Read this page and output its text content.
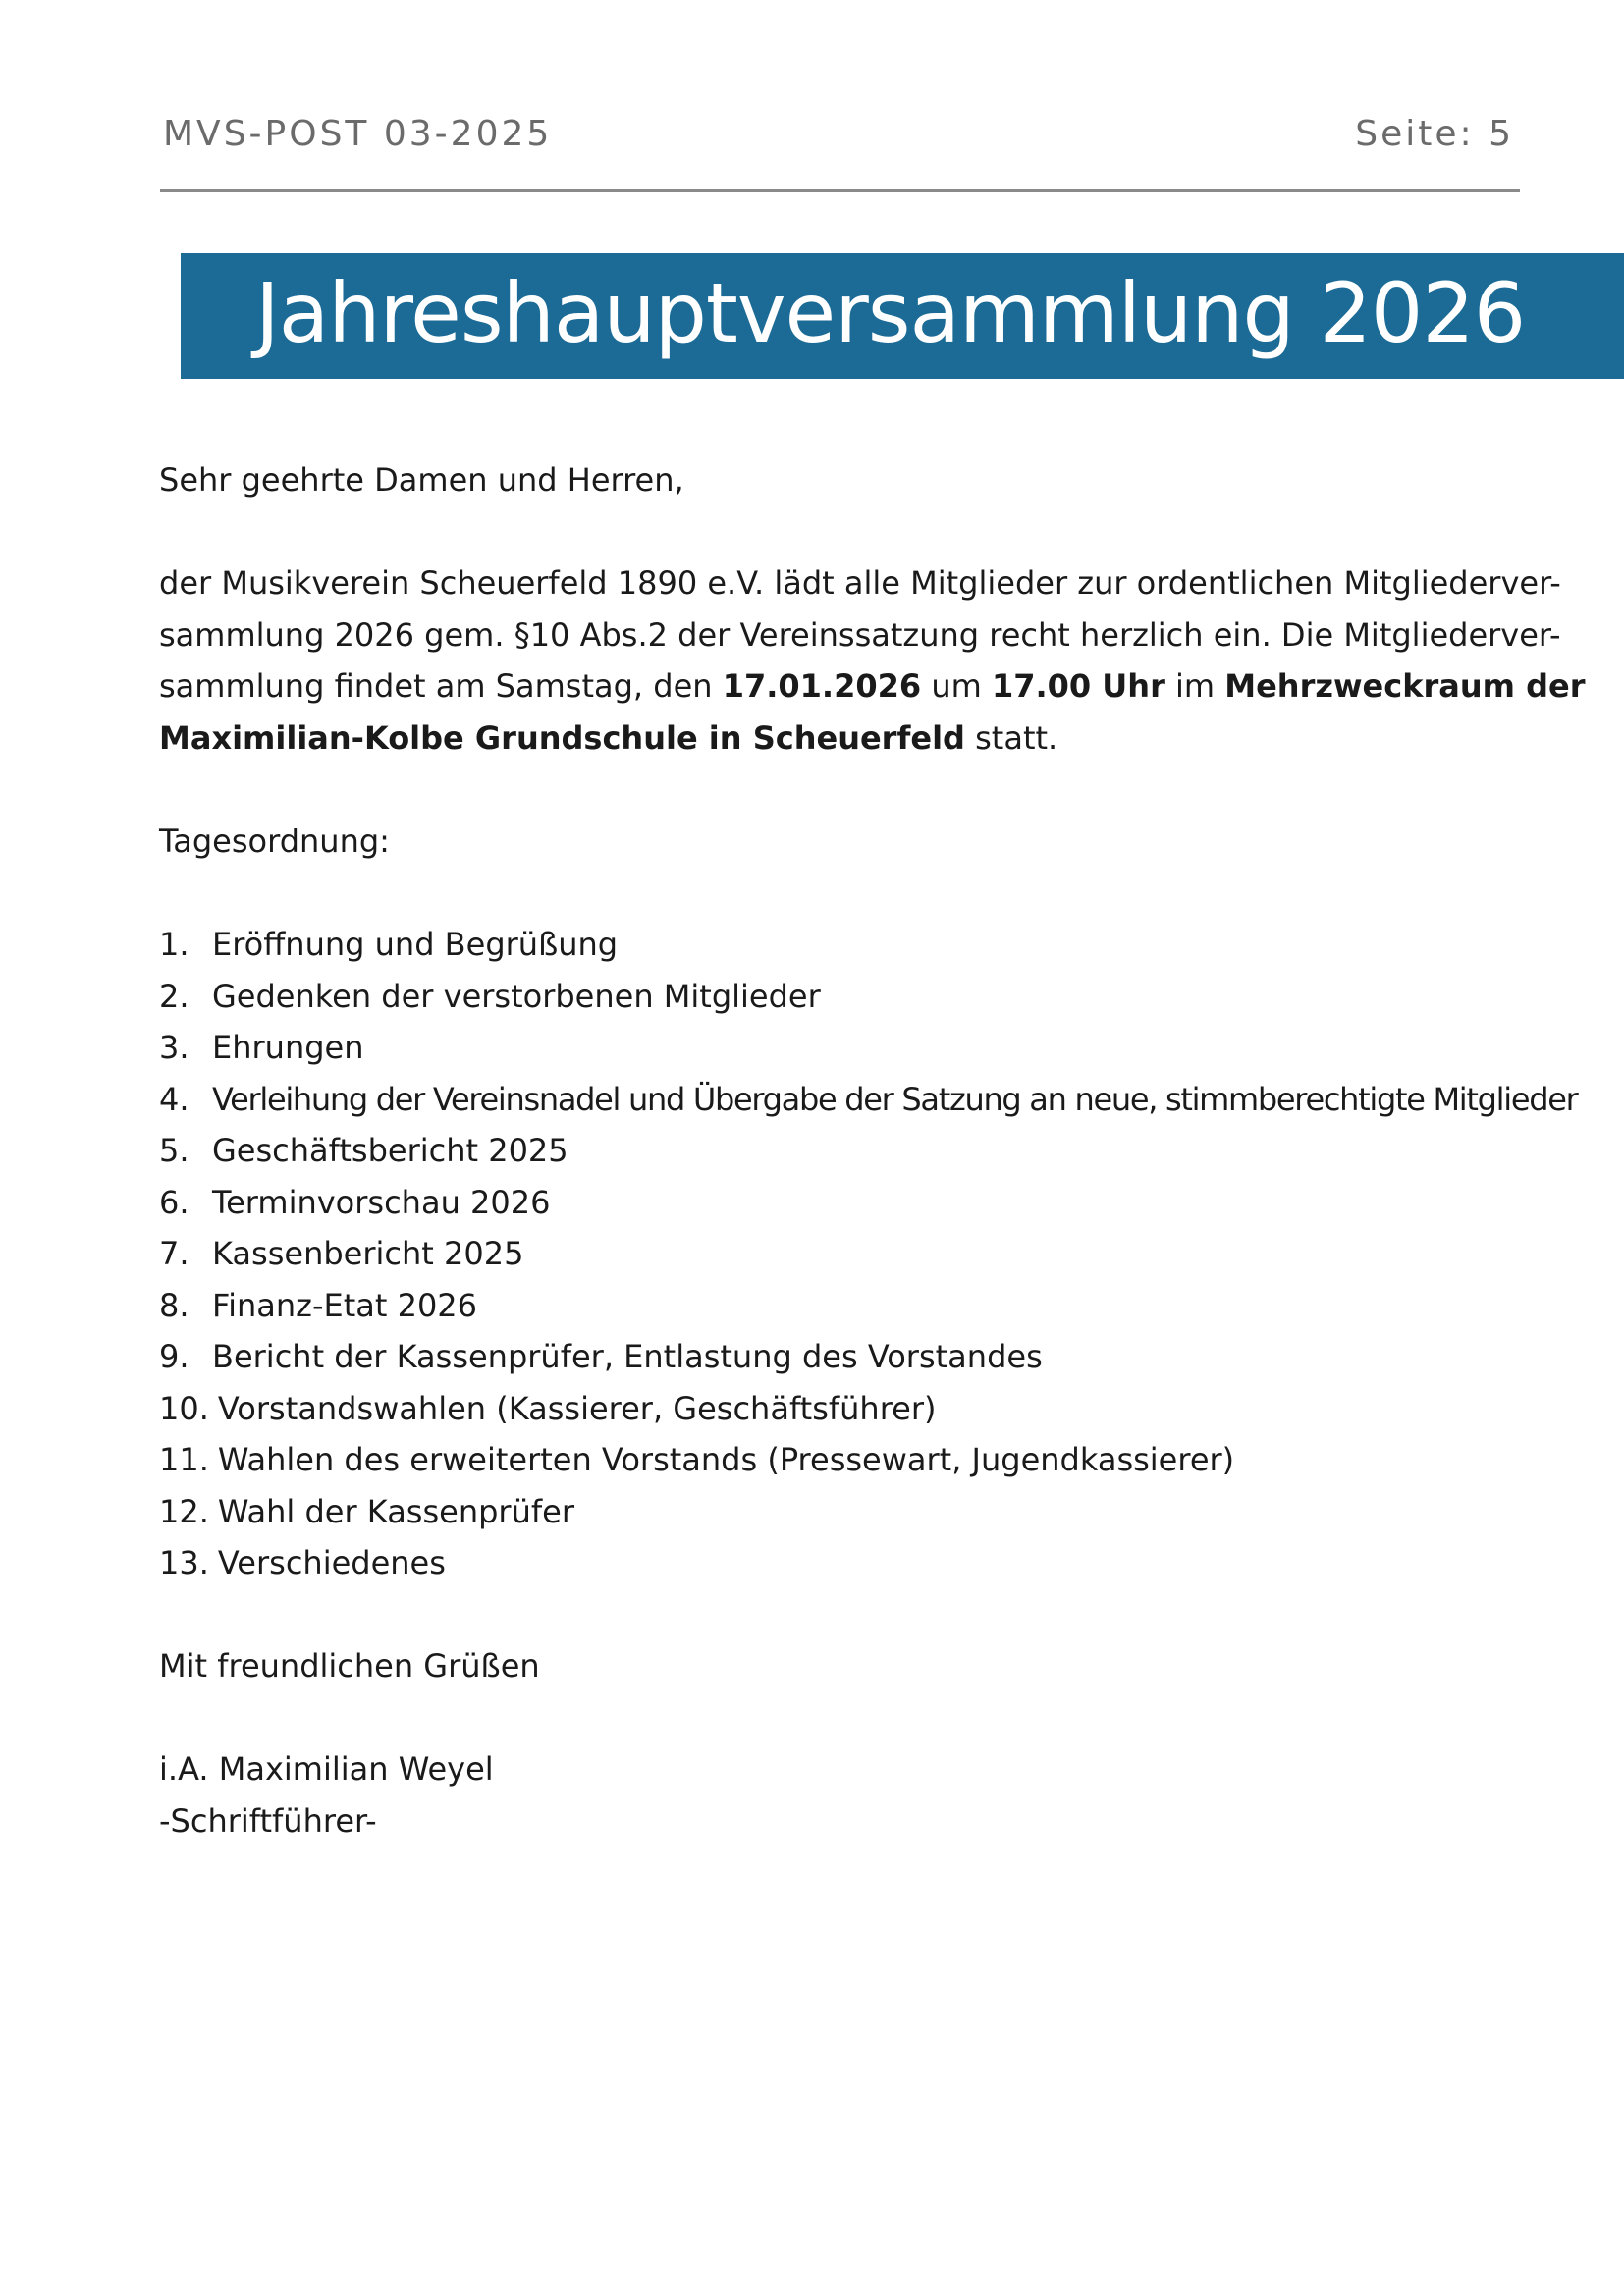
MVS-POST 03-2025	Seite: 5
Jahreshauptversammlung 2026
Sehr geehrte Damen und Herren,
der Musikverein Scheuerfeld 1890 e.V. lädt alle Mitglieder zur ordentlichen Mitgliederver-
sammlung 2026 gem. §10 Abs.2 der Vereinssatzung recht herzlich ein. Die Mitgliederver-
sammlung findet am Samstag, den 17.01.2026 um 17.00 Uhr im Mehrzweckraum der
Maximilian-Kolbe Grundschule in Scheuerfeld statt.
Tagesordnung:
1. Eröffnung und Begrüßung
2. Gedenken der verstorbenen Mitglieder
3. Ehrungen
4. Verleihung der Vereinsnadel und Übergabe der Satzung an neue, stimmberechtigte Mitglieder
5. Geschäftsbericht 2025
6. Terminvorschau 2026
7. Kassenbericht 2025
8. Finanz-Etat 2026
9. Bericht der Kassenprüfer, Entlastung des Vorstandes
10. Vorstandswahlen (Kassierer, Geschäftsführer)
11. Wahlen des erweiterten Vorstands (Pressewart, Jugendkassierer)
12. Wahl der Kassenprüfer
13. Verschiedenes
Mit freundlichen Grüßen
i.A. Maximilian Weyel
-Schriftführer-
